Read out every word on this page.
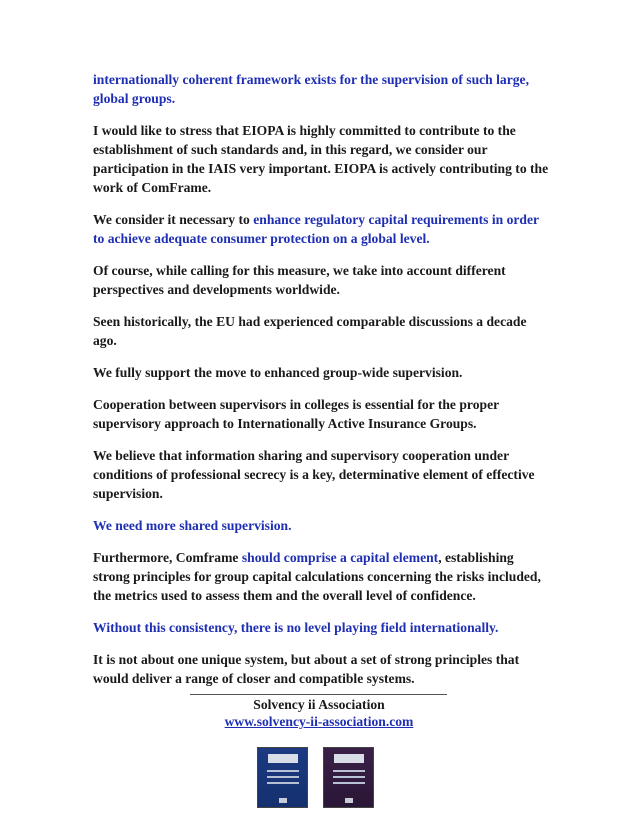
internationally coherent framework exists for the supervision of such large, global groups.

I would like to stress that EIOPA is highly committed to contribute to the establishment of such standards and, in this regard, we consider our participation in the IAIS very important. EIOPA is actively contributing to the work of ComFrame.

We consider it necessary to enhance regulatory capital requirements in order to achieve adequate consumer protection on a global level.

Of course, while calling for this measure, we take into account different perspectives and developments worldwide.

Seen historically, the EU had experienced comparable discussions a decade ago.

We fully support the move to enhanced group-wide supervision.

Cooperation between supervisors in colleges is essential for the proper supervisory approach to Internationally Active Insurance Groups.

We believe that information sharing and supervisory cooperation under conditions of professional secrecy is a key, determinative element of effective supervision.

We need more shared supervision.

Furthermore, Comframe should comprise a capital element, establishing strong principles for group capital calculations concerning the risks included, the metrics used to assess them and the overall level of confidence.

Without this consistency, there is no level playing field internationally.

It is not about one unique system, but about a set of strong principles that would deliver a range of closer and compatible systems.

Solvency ii Association
www.solvency-ii-association.com
